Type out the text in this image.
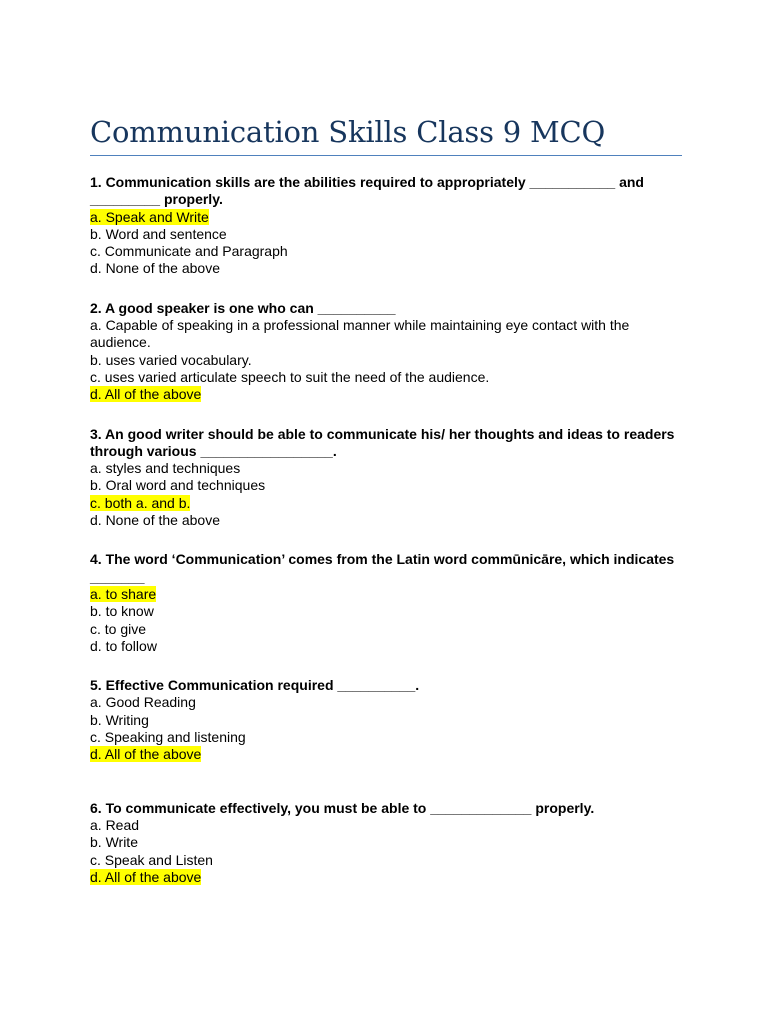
Communication Skills Class 9 MCQ

1. Communication skills are the abilities required to appropriately ___________ and _________ properly.

a. Speak and Write

b. Word and sentence

c. Communicate and Paragraph

d. None of the above

2. A good speaker is one who can __________

a. Capable of speaking in a professional manner while maintaining eye contact with the audience.

b. uses varied vocabulary.

c. uses varied articulate speech to suit the need of the audience.

d. All of the above

3. An good writer should be able to communicate his/ her thoughts and ideas to readers through various _________________.

a. styles and techniques

b. Oral word and techniques

c. both a. and b.

d. None of the above

4. The word ‘Communication’ comes from the Latin word commūnicāre, which indicates _______

a. to share

b. to know

c. to give

d. to follow

5. Effective Communication required __________.

a. Good Reading

b. Writing

c. Speaking and listening

d. All of the above

6. To communicate effectively, you must be able to _____________ properly.

a. Read

b. Write

c. Speak and Listen

d. All of the above
